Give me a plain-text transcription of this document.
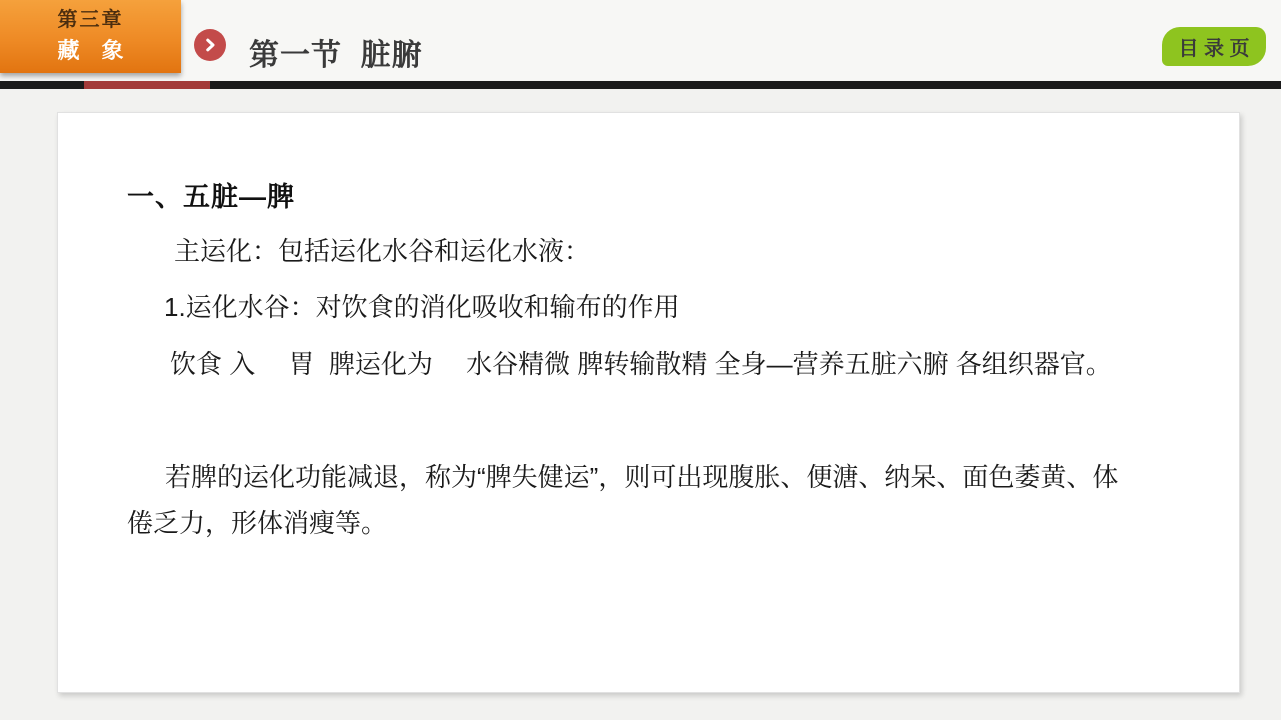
第三章
藏 象	第一节  脏腑	目 录 页
一、五脏—脾
主运化：包括运化水谷和运化水液：
1.运化水谷：对饮食的消化吸收和输布的作用
饮食 入　 胃  脾运化为　 水谷精微 脾转输散精 全身—营养五脏六腑 各组织器官。
若脾的运化功能减退，称为“脾失健运”，则可出现腹胀、便溏、纳呆、面色萎黄、体倦乏力，形体消瘦等。
